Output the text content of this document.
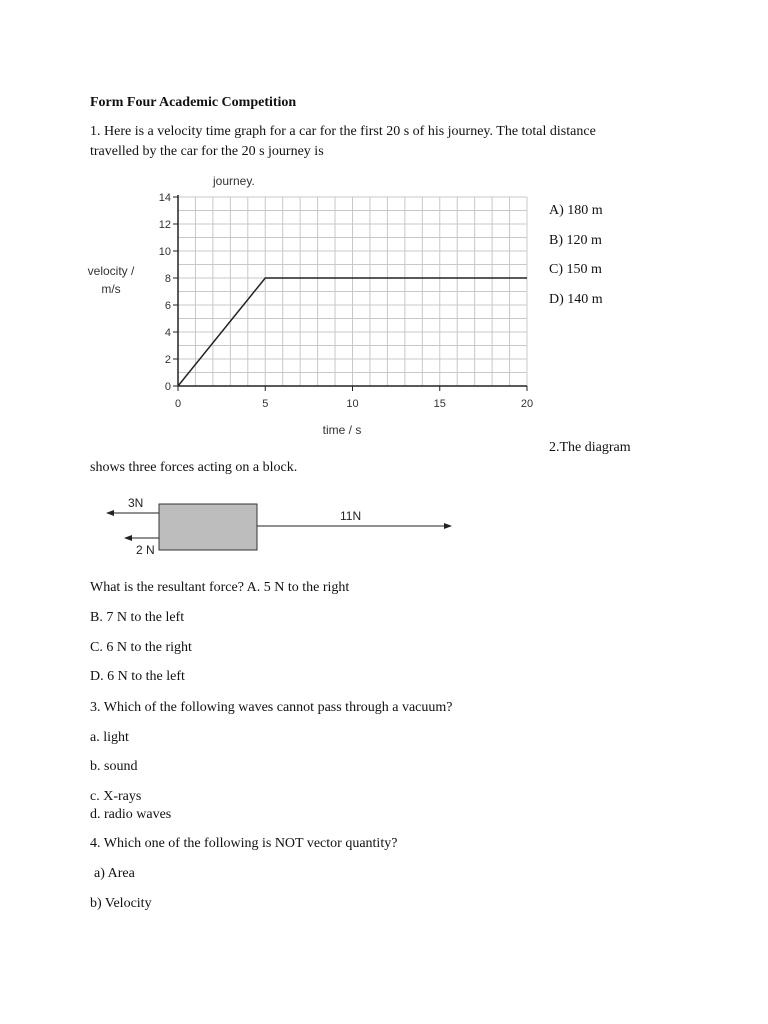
Form Four Academic Competition
1. Here is a velocity time graph for a car for the first 20 s of his journey. The total distance
travelled by the car for the 20 s journey is
journey.
velocity /
m/s
time / s
0
2
4
6
8
10
12
14
0	5	10	15	20
A) 180 m
B) 120 m
C) 150 m
D) 140 m
2.The diagram
shows three forces acting on a block.
3N
2 N
11N
What is the resultant force? A. 5 N to the right
B. 7 N to the left
C. 6 N to the right
D. 6 N to the left
3. Which of the following waves cannot pass through a vacuum?
a. light
b. sound
c. X-rays
d. radio waves
4. Which one of the following is NOT vector quantity?
a) Area
b) Velocity
